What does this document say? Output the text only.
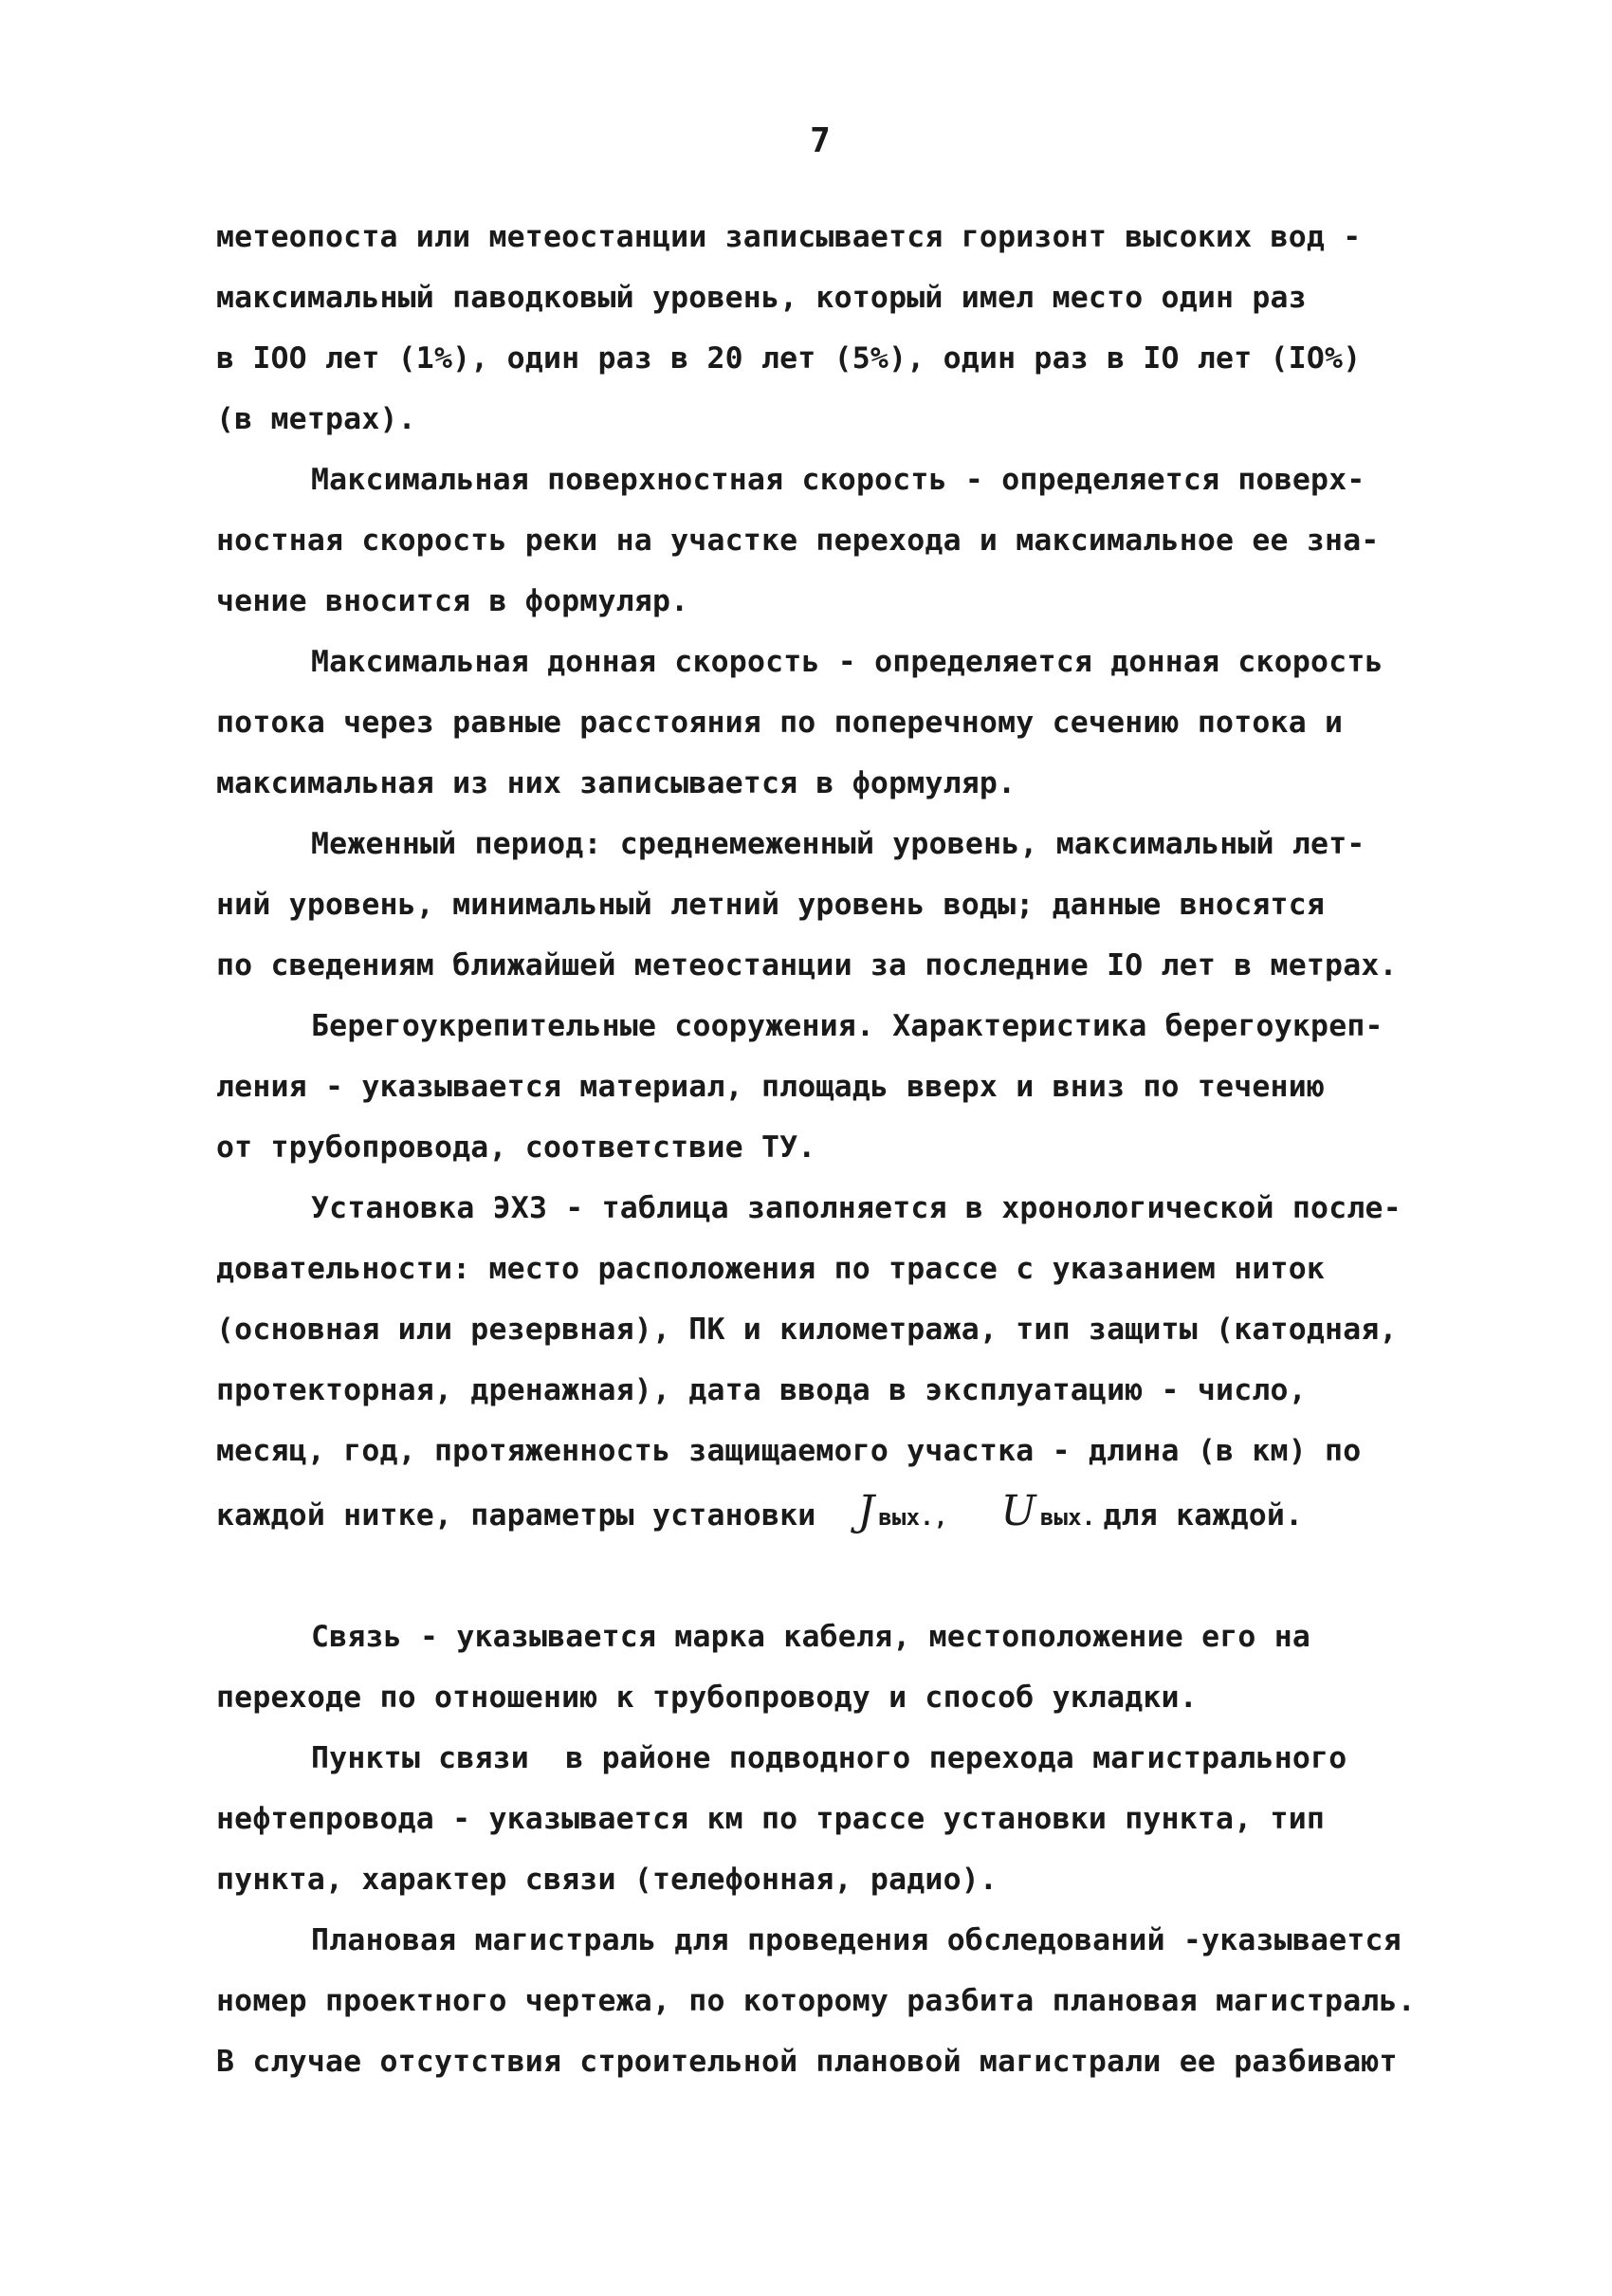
7
метеопоста или метеостанции записывается горизонт высоких вод -
максимальный паводковый уровень, который имел место один раз
в IOO лет (1%), один раз в 20 лет (5%), один раз в IO лет (IO%)
(в метрах).
Максимальная поверхностная скорость - определяется поверх-
ностная скорость реки на участке перехода и максимальное ее зна-
чение вносится в формуляр.
Максимальная донная скорость - определяется донная скорость
потока через равные расстояния по поперечному сечению потока и
максимальная из них записывается в формуляр.
Меженный период: среднемеженный уровень, максимальный лет-
ний уровень, минимальный летний уровень воды; данные вносятся
по сведениям ближайшей метеостанции за последние IO лет в метрах.
Берегоукрепительные сооружения. Характеристика берегоукреп-
ления - указывается материал, площадь вверх и вниз по течению
от трубопровода, соответствие ТУ.
Установка ЭХЗ - таблица заполняется в хронологической после-
довательности: место расположения по трассе с указанием ниток
(основная или резервная), ПК и километража, тип защиты (катодная,
протекторная, дренажная), дата ввода в эксплуатацию - число,
месяц, год, протяженность защищаемого участка - длина (в км) по
каждой нитке, параметры установки J вых., U вых. для каждой.
Связь - указывается марка кабеля, местоположение его на
переходе по отношению к трубопроводу и способ укладки.
Пункты связи  в районе подводного перехода магистрального
нефтепровода - указывается км по трассе установки пункта, тип
пункта, характер связи (телефонная, радио).
Плановая магистраль для проведения обследований -указывается
номер проектного чертежа, по которому разбита плановая магистраль.
В случае отсутствия строительной плановой магистрали ее разбивают
